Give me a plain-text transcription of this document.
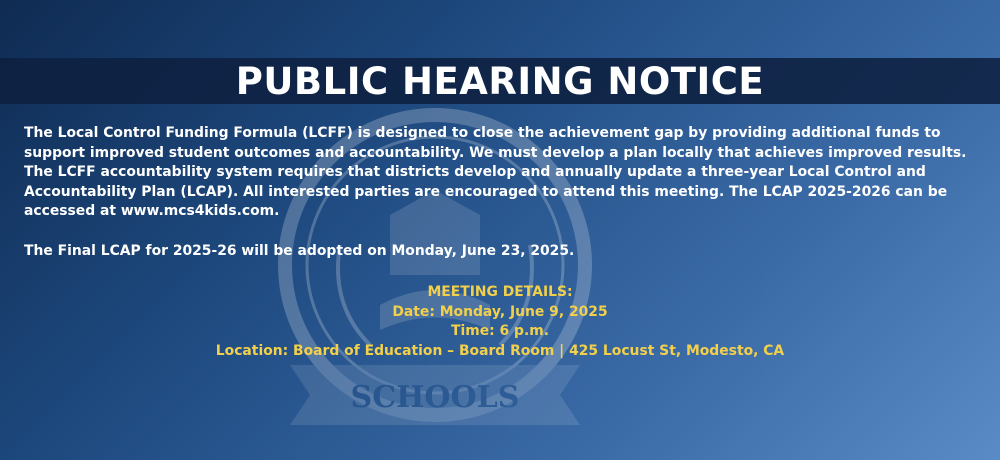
SCHOOLS
PUBLIC HEARING NOTICE

The Local Control Funding Formula (LCFF) is designed to close the achievement gap by providing additional funds to support improved student outcomes and accountability. We must develop a plan locally that achieves improved results. The LCFF accountability system requires that districts develop and annually update a three-year Local Control and Accountability Plan (LCAP). All interested parties are encouraged to attend this meeting. The LCAP 2025-2026 can be accessed at www.mcs4kids.com.

The Final LCAP for 2025-26 will be adopted on Monday, June 23, 2025.

MEETING DETAILS:
Date: Monday, June 9, 2025
Time: 6 p.m.
Location: Board of Education – Board Room | 425 Locust St, Modesto, CA
